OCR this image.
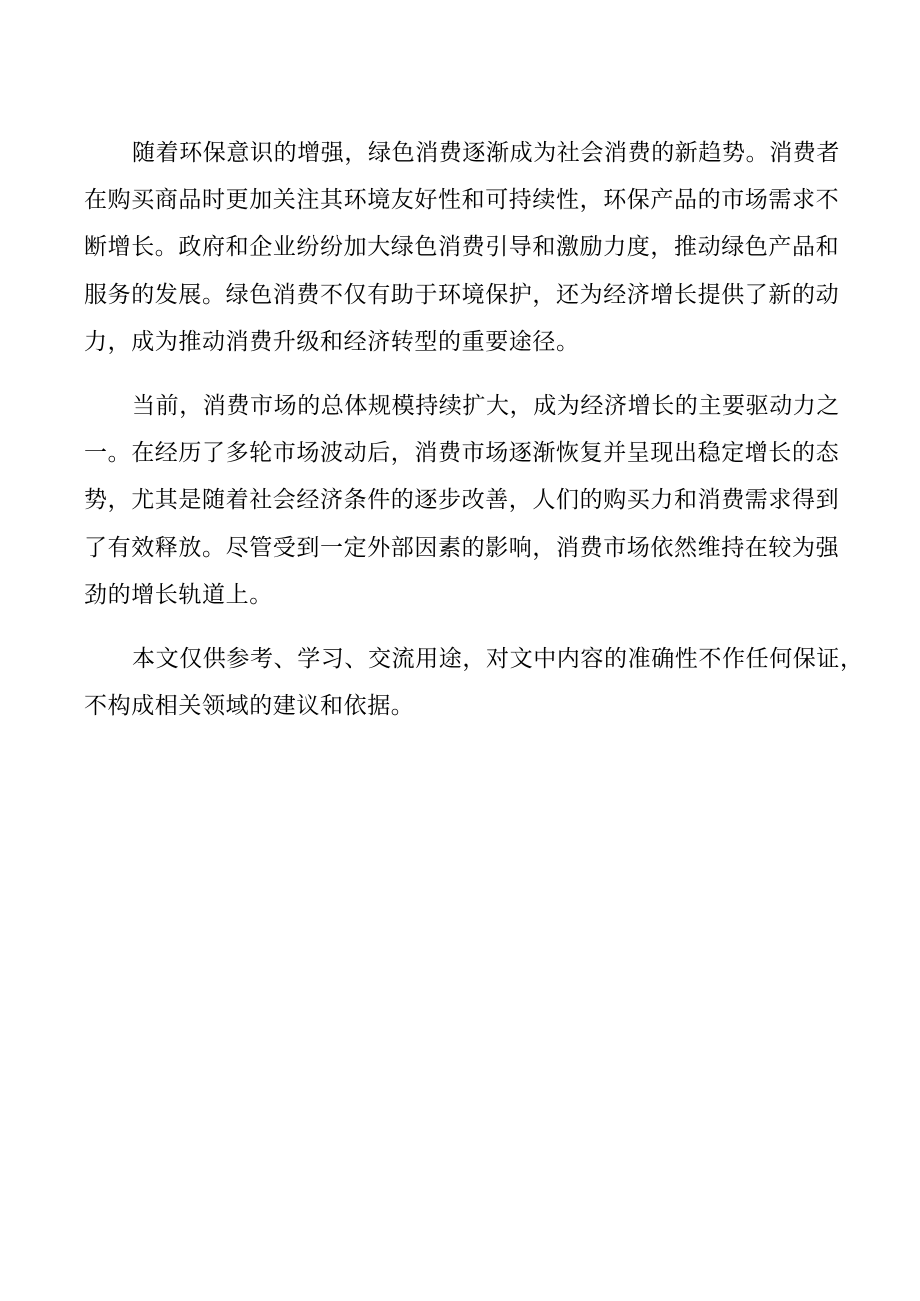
随着环保意识的增强，绿色消费逐渐成为社会消费的新趋势。消费者
在购买商品时更加关注其环境友好性和可持续性，环保产品的市场需求不
断增长。政府和企业纷纷加大绿色消费引导和激励力度，推动绿色产品和
服务的发展。绿色消费不仅有助于环境保护，还为经济增长提供了新的动
力，成为推动消费升级和经济转型的重要途径。

当前，消费市场的总体规模持续扩大，成为经济增长的主要驱动力之
一。在经历了多轮市场波动后，消费市场逐渐恢复并呈现出稳定增长的态
势，尤其是随着社会经济条件的逐步改善，人们的购买力和消费需求得到
了有效释放。尽管受到一定外部因素的影响，消费市场依然维持在较为强
劲的增长轨道上。

本文仅供参考、学习、交流用途，对文中内容的准确性不作任何保证，
不构成相关领域的建议和依据。
